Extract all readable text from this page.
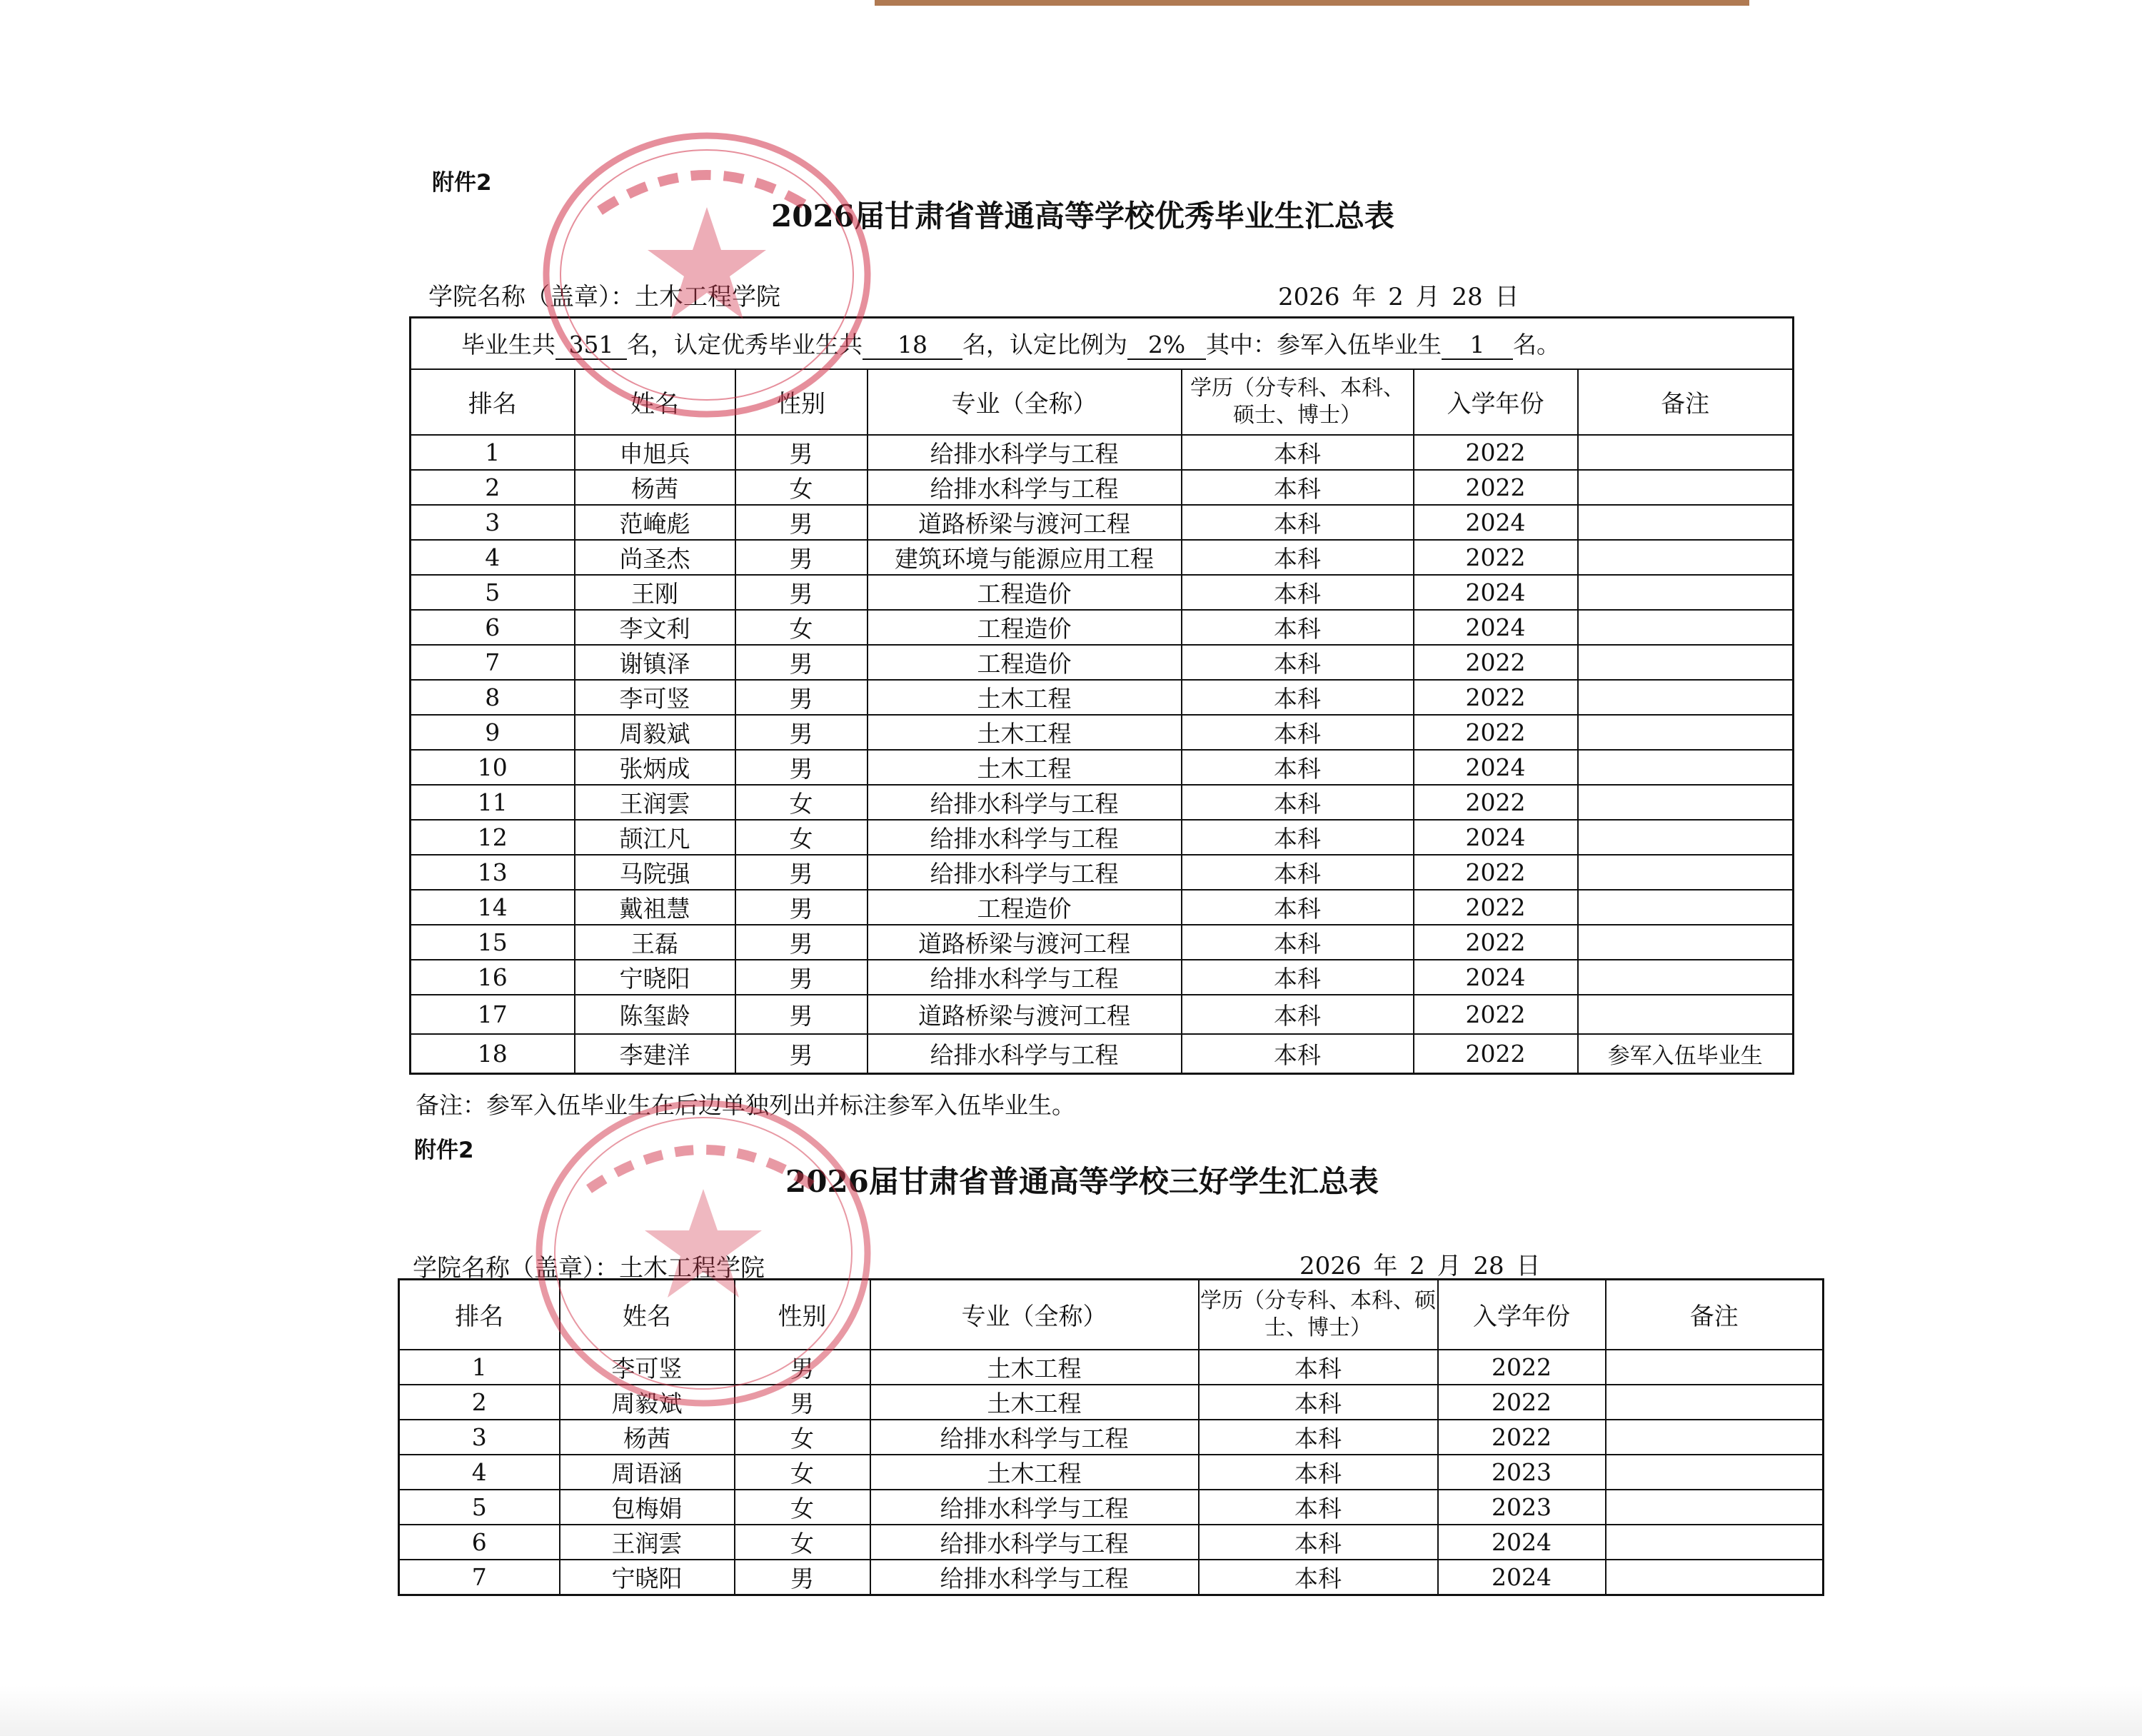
附件2
2026届甘肃省普通高等学校优秀毕业生汇总表
学院名称（盖章）：土木工程学院	2026 年 2 月 28 日
毕业生共 351 名，认定优秀毕业生共 18 名，认定比例为 2% 其中：参军入伍毕业生 1 名。						
排名	姓名	性别	专业（全称）	学历（分专科、本科、硕士、博士）	入学年份	备注
1	申旭兵	男	给排水科学与工程	本科	2022	
2	杨茜	女	给排水科学与工程	本科	2022	
3	范崦彪	男	道路桥梁与渡河工程	本科	2024	
4	尚圣杰	男	建筑环境与能源应用工程	本科	2022	
5	王刚	男	工程造价	本科	2024	
6	李文利	女	工程造价	本科	2024	
7	谢镇泽	男	工程造价	本科	2022	
8	李可竖	男	土木工程	本科	2022	
9	周毅斌	男	土木工程	本科	2022	
10	张炳成	男	土木工程	本科	2024	
11	王润雲	女	给排水科学与工程	本科	2022	
12	颉江凡	女	给排水科学与工程	本科	2024	
13	马院强	男	给排水科学与工程	本科	2022	
14	戴祖慧	男	工程造价	本科	2022	
15	王磊	男	道路桥梁与渡河工程	本科	2022	
16	宁晓阳	男	给排水科学与工程	本科	2024	
17	陈玺龄	男	道路桥梁与渡河工程	本科	2022	
18	李建洋	男	给排水科学与工程	本科	2022	参军入伍毕业生
备注：参军入伍毕业生在后边单独列出并标注参军入伍毕业生。
附件2
2026届甘肃省普通高等学校三好学生汇总表
学院名称（盖章）：土木工程学院	2026 年 2 月 28 日
排名	姓名	性别	专业（全称）	学历（分专科、本科、硕士、博士）	入学年份	备注
1	李可竖	男	土木工程	本科	2022	
2	周毅斌	男	土木工程	本科	2022	
3	杨茜	女	给排水科学与工程	本科	2022	
4	周语涵	女	土木工程	本科	2023	
5	包梅娟	女	给排水科学与工程	本科	2023	
6	王润雲	女	给排水科学与工程	本科	2024	
7	宁晓阳	男	给排水科学与工程	本科	2024	
